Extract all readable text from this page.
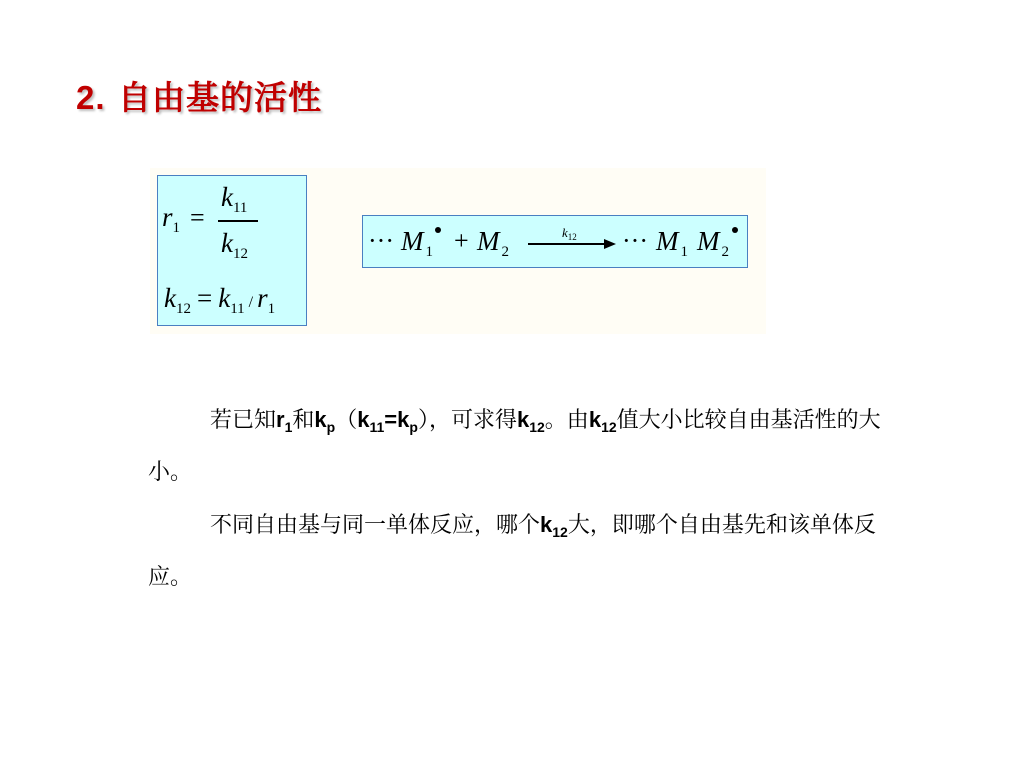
2. 自由基的活性
$r_1$ =
$k_{11}$
$k_{12}$
$k_{12} = k_{11} / r_1$
··· M $_1$ + M $_2$
$k_{12}$ ··· M $_1$ M $_2$

若已知$r_1$和$k_p(k_{11}=k_p)$，可求得$k_{12}$。由$k_{12}$值大小比较自由基活性的大小。

不同自由基与同一单体反应，哪个$k_{12}$大，即哪个自由基先和该单体反应。
